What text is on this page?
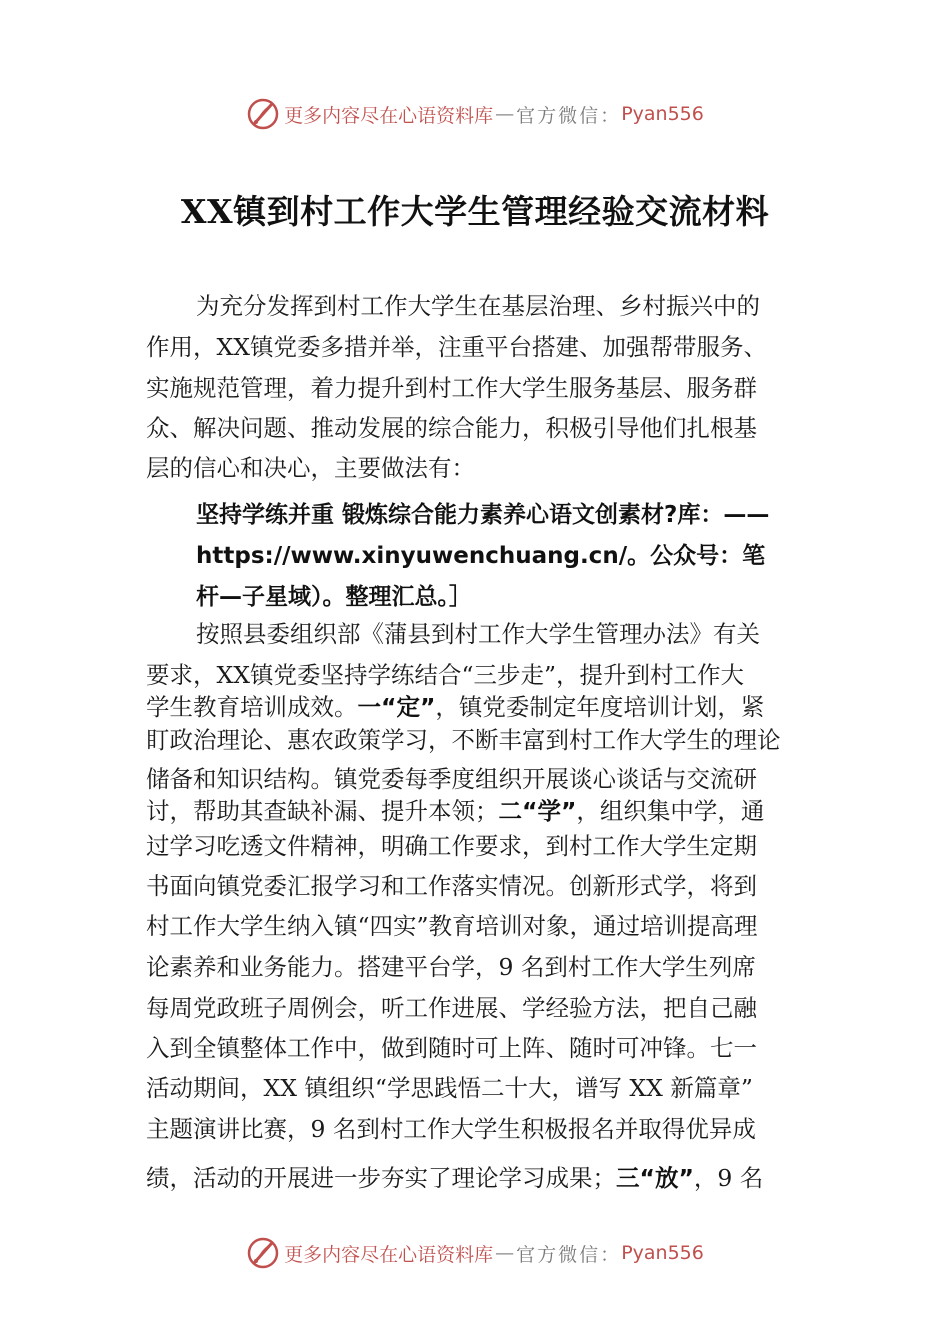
更多内容尽在心语资料库 — 官方微信： Pyan556
XX镇到村工作大学生管理经验交流材料
为充分发挥到村工作大学生在基层治理、乡村振兴中的
作用，XX镇党委多措并举，注重平台搭建、加强帮带服务、
实施规范管理，着力提升到村工作大学生服务基层、服务群
众、解决问题、推动发展的综合能力，积极引导他们扎根基
层的信心和决心，主要做法有：
坚持学练并重 锻炼综合能力素养心语文创素材?库：——
https://www.xinyuwenchuang.cn/。公众号：笔
杆—子星域）。整理汇总。］
按照县委组织部《蒲县到村工作大学生管理办法》有关
要求，XX镇党委坚持学练结合“三步走”，提升到村工作大
学生教育培训成效。一“定”，镇党委制定年度培训计划，紧
盯政治理论、惠农政策学习，不断丰富到村工作大学生的理论
储备和知识结构。镇党委每季度组织开展谈心谈话与交流研
讨，帮助其查缺补漏、提升本领；二“学”，组织集中学，通
过学习吃透文件精神，明确工作要求，到村工作大学生定期
书面向镇党委汇报学习和工作落实情况。创新形式学，将到
村工作大学生纳入镇“四实”教育培训对象，通过培训提高理
论素养和业务能力。搭建平台学，9 名到村工作大学生列席
每周党政班子周例会，听工作进展、学经验方法，把自己融
入到全镇整体工作中，做到随时可上阵、随时可冲锋。七一
活动期间，XX 镇组织“学思践悟二十大，谱写 XX 新篇章”
主题演讲比赛，9 名到村工作大学生积极报名并取得优异成
绩，活动的开展进一步夯实了理论学习成果；三“放”，9 名
更多内容尽在心语资料库 — 官方微信： Pyan556
